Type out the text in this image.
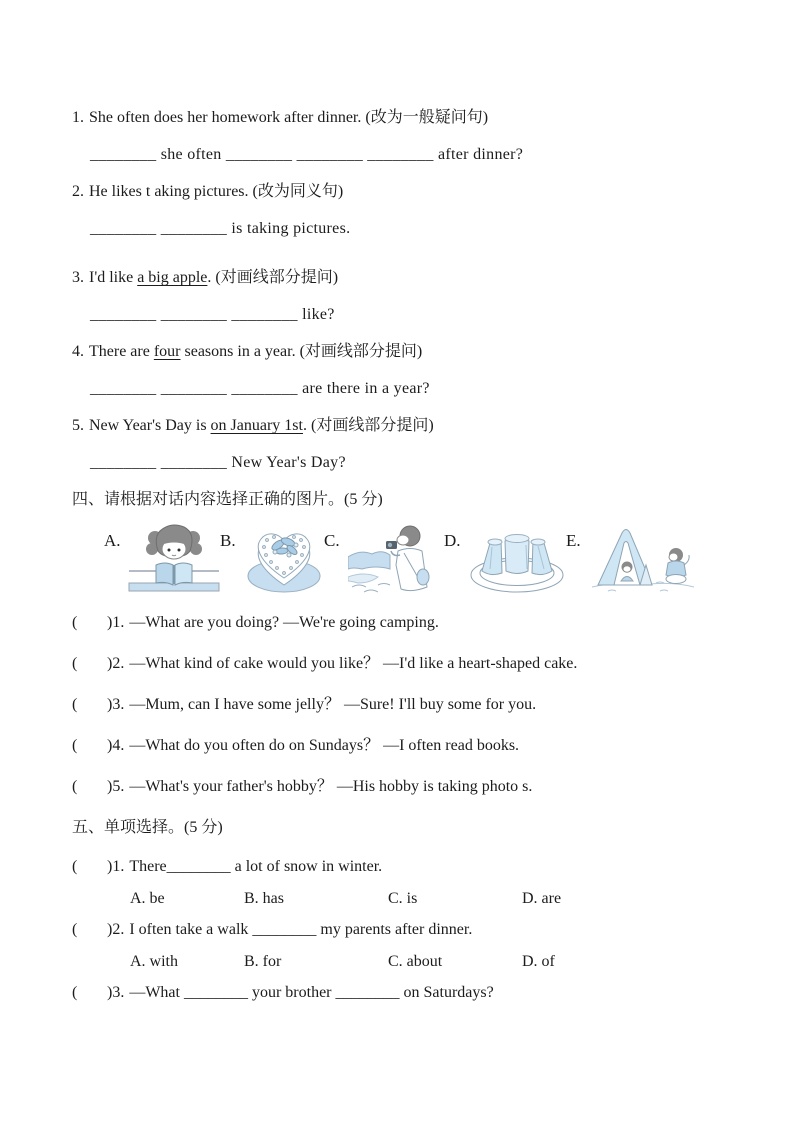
1. She often does her homework after dinner. (改为一般疑问句)
________ she often ________ ________ ________ after dinner?
2. He likes t aking pictures. (改为同义句)
________ ________ is taking pictures.
3. I'd like a big apple. (对画线部分提问)
________ ________ ________ like?
4. There are four seasons in a year. (对画线部分提问)
________ ________ ________ are there in a year?
5. New Year's Day is on January 1st. (对画线部分提问)
________ ________ New Year's Day?
四、请根据对话内容选择正确的图片。(5 分)
A.	B.	C.	D.	E.
( )1. —What are you doing? —We're going camping.
( )2. —What kind of cake would you like？ —I'd like a heart-shaped cake.
( )3. —Mum, can I have some jelly？ —Sure! I'll buy some for you.
( )4. —What do you often do on Sundays？ —I often read books.
( )5. —What's your father's hobby？ —His hobby is taking photo s.
五、单项选择。(5 分)
( )1. There________ a lot of snow in winter.
A. be	B. has	C. is	D. are
( )2. I often take a walk ________ my parents after dinner.
A. with	B. for	C. about	D. of
( )3. —What ________ your brother ________ on Saturdays?
